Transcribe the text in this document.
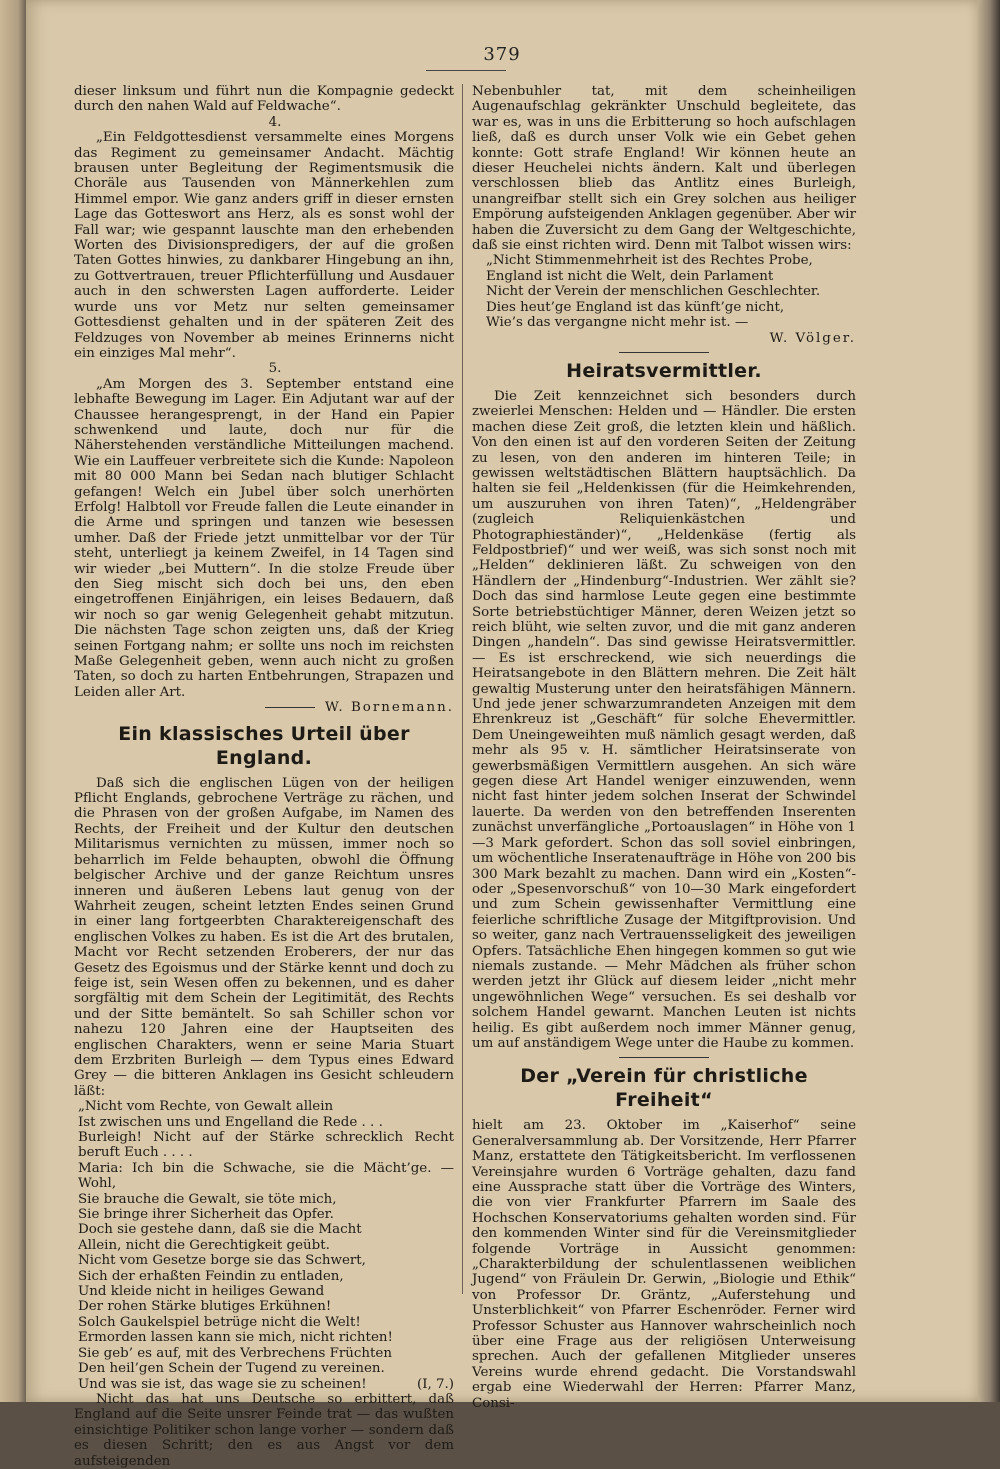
379

dieser linksum und führt nun die Kompagnie gedeckt durch den nahen Wald auf Feldwache“.

4.

„Ein Feldgottesdienst versammelte eines Morgens das Regiment zu gemeinsamer Andacht. Mächtig brausen unter Begleitung der Regimentsmusik die Choräle aus Tausenden von Männerkehlen zum Himmel empor. Wie ganz anders griff in dieser ernsten Lage das Gotteswort ans Herz, als es sonst wohl der Fall war; wie gespannt lauschte man den erhebenden Worten des Divisionspredigers, der auf die großen Taten Gottes hinwies, zu dankbarer Hingebung an ihn, zu Gottvertrauen, treuer Pflichterfüllung und Ausdauer auch in den schwersten Lagen aufforderte. Leider wurde uns vor Metz nur selten gemeinsamer Gottesdienst gehalten und in der späteren Zeit des Feldzuges von November ab meines Erinnerns nicht ein einziges Mal mehr“.

5.

„Am Morgen des 3. September entstand eine lebhafte Bewegung im Lager. Ein Adjutant war auf der Chaussee herangesprengt, in der Hand ein Papier schwenkend und laute, doch nur für die Näherstehenden verständliche Mitteilungen machend. Wie ein Lauffeuer verbreitete sich die Kunde: Napoleon mit 80 000 Mann bei Sedan nach blutiger Schlacht gefangen! Welch ein Jubel über solch unerhörten Erfolg! Halbtoll vor Freude fallen die Leute einander in die Arme und springen und tanzen wie besessen umher. Daß der Friede jetzt unmittelbar vor der Tür steht, unterliegt ja keinem Zweifel, in 14 Tagen sind wir wieder „bei Muttern“. In die stolze Freude über den Sieg mischt sich doch bei uns, den eben eingetroffenen Einjährigen, ein leises Bedauern, daß wir noch so gar wenig Gelegenheit gehabt mitzutun. Die nächsten Tage schon zeigten uns, daß der Krieg seinen Fortgang nahm; er sollte uns noch im reichsten Maße Gelegenheit geben, wenn auch nicht zu großen Taten, so doch zu harten Entbehrungen, Strapazen und Leiden aller Art.

W. Bornemann.

Ein klassisches Urteil über England.

Daß sich die englischen Lügen von der heiligen Pflicht Englands, gebrochene Verträge zu rächen, und die Phrasen von der großen Aufgabe, im Namen des Rechts, der Freiheit und der Kultur den deutschen Militarismus vernichten zu müssen, immer noch so beharrlich im Felde behaupten, obwohl die Öffnung belgischer Archive und der ganze Reichtum unsres inneren und äußeren Lebens laut genug von der Wahrheit zeugen, scheint letzten Endes seinen Grund in einer lang fortgeerbten Charaktereigenschaft des englischen Volkes zu haben. Es ist die Art des brutalen, Macht vor Recht setzenden Eroberers, der nur das Gesetz des Egoismus und der Stärke kennt und doch zu feige ist, sein Wesen offen zu bekennen, und es daher sorgfältig mit dem Schein der Legitimität, des Rechts und der Sitte bemäntelt. So sah Schiller schon vor nahezu 120 Jahren eine der Hauptseiten des englischen Charakters, wenn er seine Maria Stuart dem Erzbriten Burleigh — dem Typus eines Edward Grey — die bitteren Anklagen ins Gesicht schleudern läßt:

„Nicht vom Rechte, von Gewalt allein
Ist zwischen uns und Engelland die Rede . . .
Burleigh! Nicht auf der Stärke schrecklich Recht beruft Euch . . . .
Maria: Ich bin die Schwache, sie die Mächt’ge. — Wohl,
Sie brauche die Gewalt, sie töte mich,
Sie bringe ihrer Sicherheit das Opfer.
Doch sie gestehe dann, daß sie die Macht
Allein, nicht die Gerechtigkeit geübt.
Nicht vom Gesetze borge sie das Schwert,
Sich der erhaßten Feindin zu entladen,
Und kleide nicht in heiliges Gewand
Der rohen Stärke blutiges Erkühnen!
Solch Gaukelspiel betrüge nicht die Welt!
Ermorden lassen kann sie mich, nicht richten!
Sie geb’ es auf, mit des Verbrechens Früchten
Den heil’gen Schein der Tugend zu vereinen.
Und was sie ist, das wage sie zu scheinen!	(I, 7.)

Nicht das hat uns Deutsche so erbittert, daß England auf die Seite unsrer Feinde trat — das wußten einsichtige Politiker schon lange vorher — sondern daß es diesen Schritt; den es aus Angst vor dem aufsteigenden

Nebenbuhler tat, mit dem scheinheiligen Augenaufschlag gekränkter Unschuld begleitete, das war es, was in uns die Erbitterung so hoch aufschlagen ließ, daß es durch unser Volk wie ein Gebet gehen konnte: Gott strafe England! Wir können heute an dieser Heuchelei nichts ändern. Kalt und überlegen verschlossen blieb das Antlitz eines Burleigh, unangreifbar stellt sich ein Grey solchen aus heiliger Empörung aufsteigenden Anklagen gegenüber. Aber wir haben die Zuversicht zu dem Gang der Weltgeschichte, daß sie einst richten wird. Denn mit Talbot wissen wirs:

„Nicht Stimmenmehrheit ist des Rechtes Probe,
England ist nicht die Welt, dein Parlament
Nicht der Verein der menschlichen Geschlechter.
Dies heut’ge England ist das künft’ge nicht,
Wie’s das vergangne nicht mehr ist. —

W. Völger.

Heiratsvermittler.

Die Zeit kennzeichnet sich besonders durch zweierlei Menschen: Helden und — Händler. Die ersten machen diese Zeit groß, die letzten klein und häßlich. Von den einen ist auf den vorderen Seiten der Zeitung zu lesen, von den anderen im hinteren Teile; in gewissen weltstädtischen Blättern hauptsächlich. Da halten sie feil „Heldenkissen (für die Heimkehrenden, um auszuruhen von ihren Taten)“, „Heldengräber (zugleich Reliquienkästchen und Photographieständer)“, „Heldenkäse (fertig als Feldpostbrief)“ und wer weiß, was sich sonst noch mit „Helden“ deklinieren läßt. Zu schweigen von den Händlern der „Hindenburg“-Industrien. Wer zählt sie? Doch das sind harmlose Leute gegen eine bestimmte Sorte betriebstüchtiger Männer, deren Weizen jetzt so reich blüht, wie selten zuvor, und die mit ganz anderen Dingen „handeln“. Das sind gewisse Heiratsvermittler. — Es ist erschreckend, wie sich neuerdings die Heiratsangebote in den Blättern mehren. Die Zeit hält gewaltig Musterung unter den heiratsfähigen Männern. Und jede jener schwarzumrandeten Anzeigen mit dem Ehrenkreuz ist „Geschäft“ für solche Ehevermittler. Dem Uneingeweihten muß nämlich gesagt werden, daß mehr als 95 v. H. sämtlicher Heiratsinserate von gewerbsmäßigen Vermittlern ausgehen. An sich wäre gegen diese Art Handel weniger einzuwenden, wenn nicht fast hinter jedem solchen Inserat der Schwindel lauerte. Da werden von den betreffenden Inserenten zunächst unverfängliche „Portoauslagen“ in Höhe von 1—3 Mark gefordert. Schon das soll soviel einbringen, um wöchentliche Inseratenaufträge in Höhe von 200 bis 300 Mark bezahlt zu machen. Dann wird ein „Kosten“- oder „Spesenvorschuß“ von 10—30 Mark eingefordert und zum Schein gewissenhafter Vermittlung eine feierliche schriftliche Zusage der Mitgiftprovision. Und so weiter, ganz nach Vertrauensseligkeit des jeweiligen Opfers. Tatsächliche Ehen hingegen kommen so gut wie niemals zustande. — Mehr Mädchen als früher schon werden jetzt ihr Glück auf diesem leider „nicht mehr ungewöhnlichen Wege“ versuchen. Es sei deshalb vor solchem Handel gewarnt. Manchen Leuten ist nichts heilig. Es gibt außerdem noch immer Männer genug, um auf anständigem Wege unter die Haube zu kommen.

Der „Verein für christliche Freiheit“

hielt am 23. Oktober im „Kaiserhof“ seine Generalversammlung ab. Der Vorsitzende, Herr Pfarrer Manz, erstattete den Tätigkeitsbericht. Im verflossenen Vereinsjahre wurden 6 Vorträge gehalten, dazu fand eine Aussprache statt über die Vorträge des Winters, die von vier Frankfurter Pfarrern im Saale des Hochschen Konservatoriums gehalten worden sind. Für den kommenden Winter sind für die Vereinsmitglieder folgende Vorträge in Aussicht genommen: „Charakterbildung der schulentlassenen weiblichen Jugend“ von Fräulein Dr. Gerwin, „Biologie und Ethik“ von Professor Dr. Gräntz, „Auferstehung und Unsterblichkeit“ von Pfarrer Eschenröder. Ferner wird Professor Schuster aus Hannover wahrscheinlich noch über eine Frage aus der religiösen Unterweisung sprechen. Auch der gefallenen Mitglieder unseres Vereins wurde ehrend gedacht. Die Vorstandswahl ergab eine Wiederwahl der Herren: Pfarrer Manz, Consi-
